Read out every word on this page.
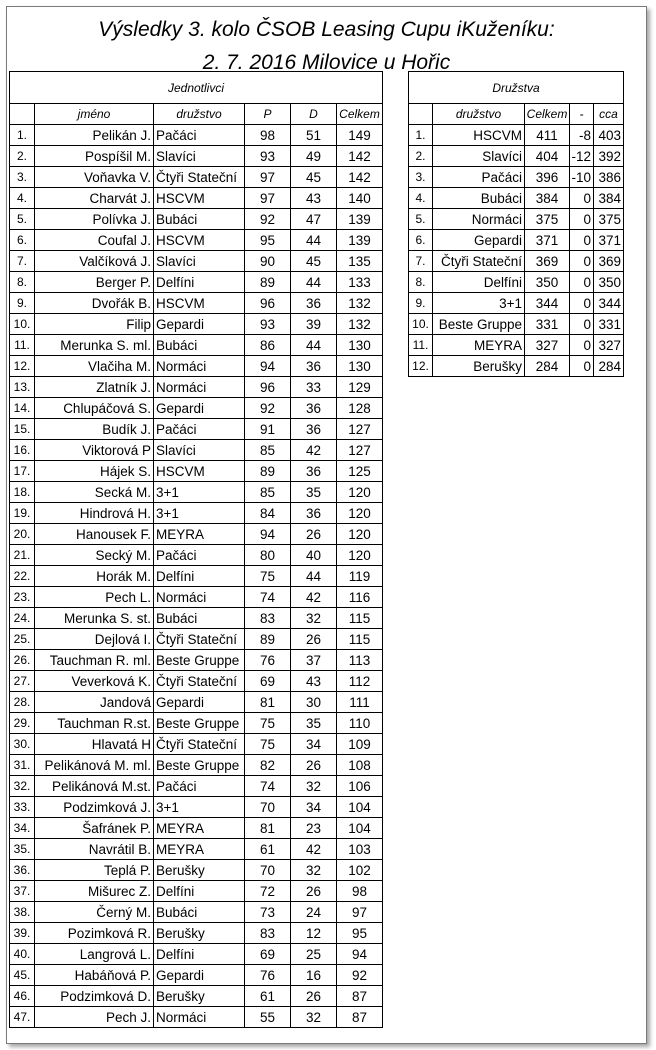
Výsledky 3. kolo ČSOB Leasing Cupu iKuženíku:
2. 7. 2016 Milovice u Hořic
Jednotlivci					
	jméno	družstvo	P	D	Celkem
1.	Pelikán J.	Pačáci	98	51	149
2.	Pospíšil M.	Slavíci	93	49	142
3.	Voňavka V.	Čtyři Stateční	97	45	142
4.	Charvát J.	HSCVM	97	43	140
5.	Polívka J.	Bubáci	92	47	139
6.	Coufal J.	HSCVM	95	44	139
7.	Valčíková J.	Slavíci	90	45	135
8.	Berger P.	Delfíni	89	44	133
9.	Dvořák B.	HSCVM	96	36	132
10.	Filip	Gepardi	93	39	132
11.	Merunka S. ml.	Bubáci	86	44	130
12.	Vlačiha M.	Normáci	94	36	130
13.	Zlatník J.	Normáci	96	33	129
14.	Chlupáčová S.	Gepardi	92	36	128
15.	Budík J.	Pačáci	91	36	127
16.	Viktorová P	Slavíci	85	42	127
17.	Hájek S.	HSCVM	89	36	125
18.	Secká M.	3+1	85	35	120
19.	Hindrová H.	3+1	84	36	120
20.	Hanousek F.	MEYRA	94	26	120
21.	Secký M.	Pačáci	80	40	120
22.	Horák M.	Delfíni	75	44	119
23.	Pech L.	Normáci	74	42	116
24.	Merunka S. st.	Bubáci	83	32	115
25.	Dejlová I.	Čtyři Stateční	89	26	115
26.	Tauchman R. ml.	Beste Gruppe	76	37	113
27.	Veverková K.	Čtyři Stateční	69	43	112
28.	Jandová	Gepardi	81	30	111
29.	Tauchman R.st.	Beste Gruppe	75	35	110
30.	Hlavatá H	Čtyři Stateční	75	34	109
31.	Pelikánová M. ml.	Beste Gruppe	82	26	108
32.	Pelikánová M.st.	Pačáci	74	32	106
33.	Podzimková J.	3+1	70	34	104
34.	Šafránek P.	MEYRA	81	23	104
35.	Navrátil B.	MEYRA	61	42	103
36.	Teplá P.	Berušky	70	32	102
37.	Mišurec Z.	Delfíni	72	26	98
38.	Černý M.	Bubáci	73	24	97
39.	Pozimková R.	Berušky	83	12	95
40.	Langrová L.	Delfíni	69	25	94
45.	Habáňová P.	Gepardi	76	16	92
46.	Podzimková D.	Berušky	61	26	87
47.	Pech J.	Normáci	55	32	87
Družstva				
	družstvo	Celkem	-	cca
1.	HSCVM	411	-8	403
2.	Slavíci	404	-12	392
3.	Pačáci	396	-10	386
4.	Bubáci	384	0	384
5.	Normáci	375	0	375
6.	Gepardi	371	0	371
7.	Čtyři Stateční	369	0	369
8.	Delfíni	350	0	350
9.	3+1	344	0	344
10.	Beste Gruppe	331	0	331
11.	MEYRA	327	0	327
12.	Berušky	284	0	284
